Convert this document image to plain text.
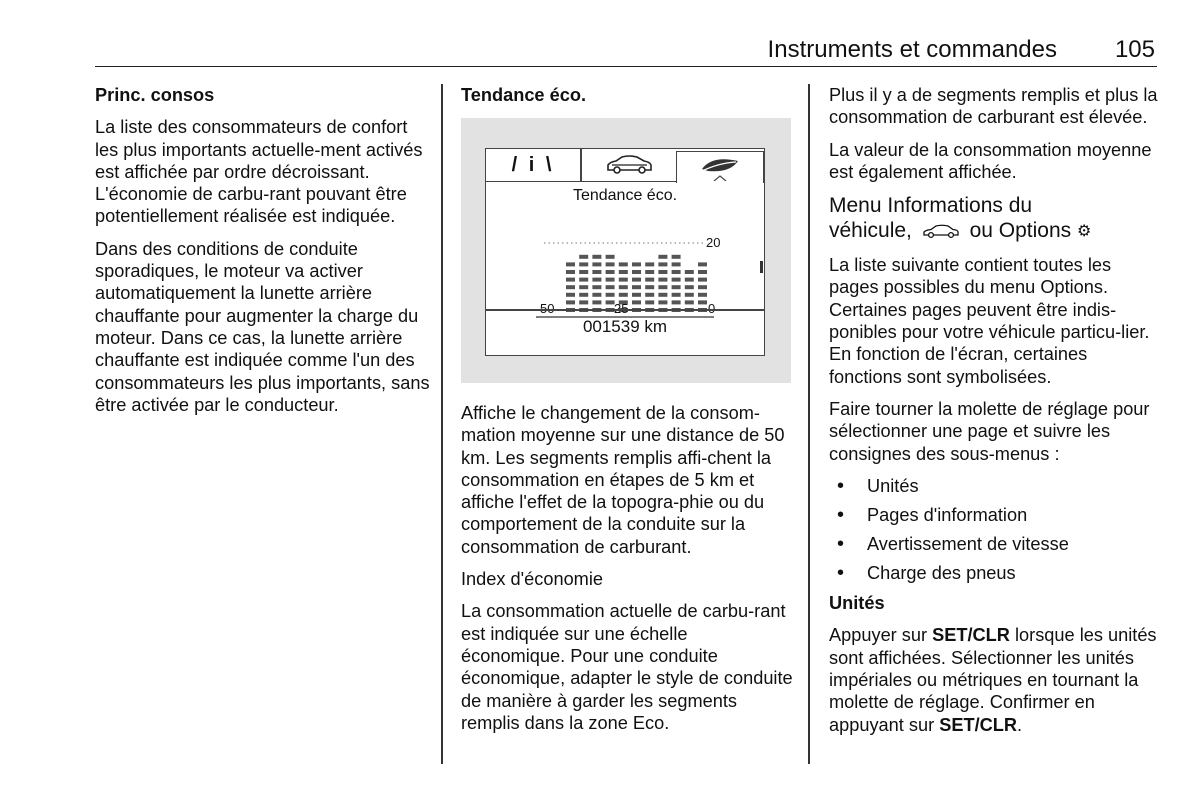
Instruments et commandes 105

Princ. consos

La liste des consommateurs de confort les plus importants actuelle-ment activés est affichée par ordre décroissant. L'économie de carbu-rant pouvant être potentiellement réalisée est indiquée.

Dans des conditions de conduite sporadiques, le moteur va activer automatiquement la lunette arrière chauffante pour augmenter la charge du moteur. Dans ce cas, la lunette arrière chauffante est indiquée comme l'un des consommateurs les plus importants, sans être activée par le conducteur.

Tendance éco.

/ i \
Tendance éco.
20
001539 km

Affiche le changement de la consom-mation moyenne sur une distance de 50 km. Les segments remplis affi-chent la consommation en étapes de 5 km et affiche l'effet de la topogra-phie ou du comportement de la conduite sur la consommation de carburant.

Index d'économie

La consommation actuelle de carbu-rant est indiquée sur une échelle économique. Pour une conduite économique, adapter le style de conduite de manière à garder les segments remplis dans la zone Eco.

Plus il y a de segments remplis et plus la consommation de carburant est élevée.

La valeur de la consommation moyenne est également affichée.

Menu Informations du
véhicule,	ou Options ⚙

La liste suivante contient toutes les pages possibles du menu Options. Certaines pages peuvent être indis-ponibles pour votre véhicule particu-lier. En fonction de l'écran, certaines fonctions sont symbolisées.

Faire tourner la molette de réglage pour sélectionner une page et suivre les consignes des sous-menus :

• Unités
• Pages d'information
• Avertissement de vitesse
• Charge des pneus

Unités

Appuyer sur SET/CLR lorsque les unités sont affichées. Sélectionner les unités impériales ou métriques en tournant la molette de réglage. Confirmer en appuyant sur SET/CLR.
